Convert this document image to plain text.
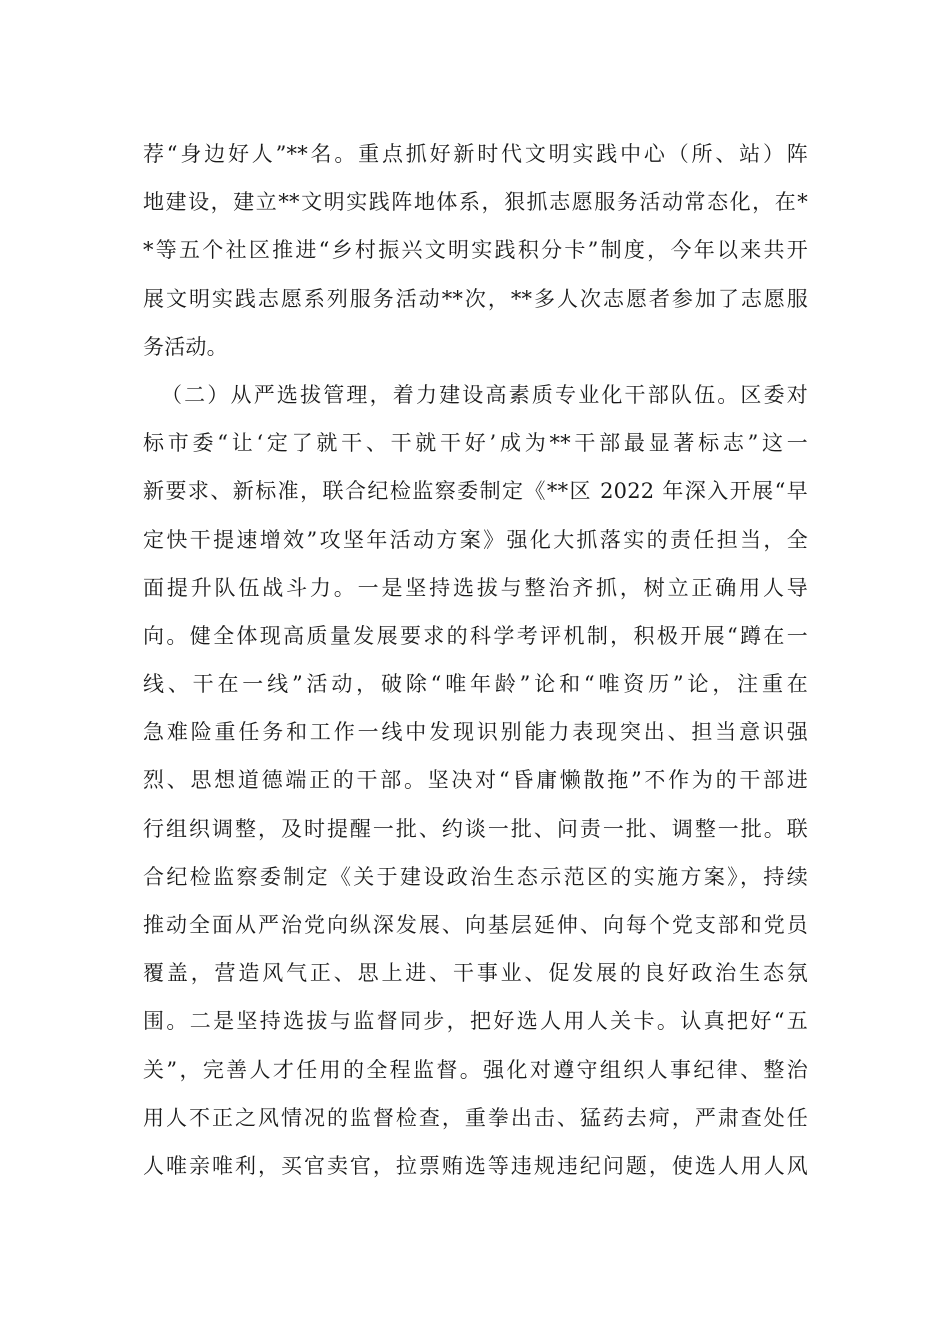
荐“身边好人”**名。重点抓好新时代文明实践中心（所、站）阵
地建设，建立**文明实践阵地体系，狠抓志愿服务活动常态化，在*
*等五个社区推进“乡村振兴文明实践积分卡”制度，今年以来共开
展文明实践志愿系列服务活动**次，**多人次志愿者参加了志愿服
务活动。
（二）从严选拔管理，着力建设高素质专业化干部队伍。区委对
标市委“让‘定了就干、干就干好’成为**干部最显著标志”这一
新要求、新标准，联合纪检监察委制定《**区 2022 年深入开展“早
定快干提速增效”攻坚年活动方案》强化大抓落实的责任担当，全
面提升队伍战斗力。一是坚持选拔与整治齐抓，树立正确用人导
向。健全体现高质量发展要求的科学考评机制，积极开展“蹲在一
线、干在一线”活动，破除“唯年龄”论和“唯资历”论，注重在
急难险重任务和工作一线中发现识别能力表现突出、担当意识强
烈、思想道德端正的干部。坚决对“昏庸懒散拖”不作为的干部进
行组织调整，及时提醒一批、约谈一批、问责一批、调整一批。联
合纪检监察委制定《关于建设政治生态示范区的实施方案》，持续
推动全面从严治党向纵深发展、向基层延伸、向每个党支部和党员
覆盖，营造风气正、思上进、干事业、促发展的良好政治生态氛
围。二是坚持选拔与监督同步，把好选人用人关卡。认真把好“五
关”，完善人才任用的全程监督。强化对遵守组织人事纪律、整治
用人不正之风情况的监督检查，重拳出击、猛药去疴，严肃查处任
人唯亲唯利，买官卖官，拉票贿选等违规违纪问题，使选人用人风
